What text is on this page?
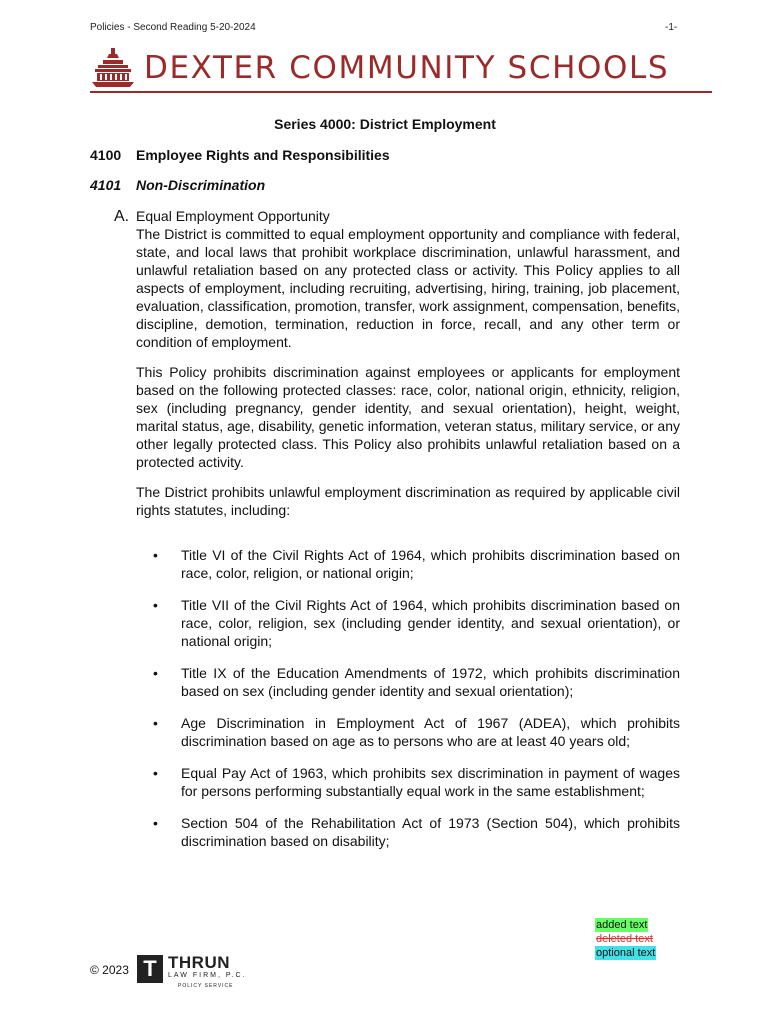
Policies - Second Reading 5-20-2024	-1-
DEXTER COMMUNITY SCHOOLS
Series 4000: District Employment
4100 Employee Rights and Responsibilities
4101 Non-Discrimination
A. Equal Employment Opportunity

The District is committed to equal employment opportunity and compliance with federal, state, and local laws that prohibit workplace discrimination, unlawful harassment, and unlawful retaliation based on any protected class or activity. This Policy applies to all aspects of employment, including recruiting, advertising, hiring, training, job placement, evaluation, classification, promotion, transfer, work assignment, compensation, benefits, discipline, demotion, termination, reduction in force, recall, and any other term or condition of employment.

This Policy prohibits discrimination against employees or applicants for employment based on the following protected classes: race, color, national origin, ethnicity, religion, sex (including pregnancy, gender identity, and sexual orientation), height, weight, marital status, age, disability, genetic information, veteran status, military service, or any other legally protected class. This Policy also prohibits unlawful retaliation based on a protected activity.

The District prohibits unlawful employment discrimination as required by applicable civil rights statutes, including:

• Title VI of the Civil Rights Act of 1964, which prohibits discrimination based on race, color, religion, or national origin;
• Title VII of the Civil Rights Act of 1964, which prohibits discrimination based on race, color, religion, sex (including gender identity, and sexual orientation), or national origin;
• Title IX of the Education Amendments of 1972, which prohibits discrimination based on sex (including gender identity and sexual orientation);
• Age Discrimination in Employment Act of 1967 (ADEA), which prohibits discrimination based on age as to persons who are at least 40 years old;
• Equal Pay Act of 1963, which prohibits sex discrimination in payment of wages for persons performing substantially equal work in the same establishment;
• Section 504 of the Rehabilitation Act of 1973 (Section 504), which prohibits discrimination based on disability;
added text
deleted text
optional text
© 2023 T THRUN
LAW FIRM, P.C.
POLICY SERVICE
